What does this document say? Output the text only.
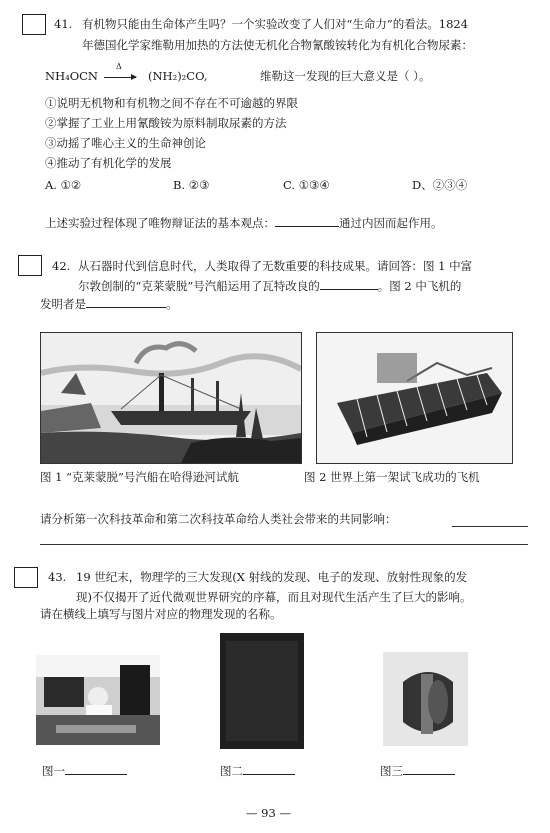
41. 有机物只能由生命体产生吗？一个实验改变了人们对“生命力”的看法。1824
年德国化学家维勒用加热的方法使无机化合物氰酸铵转化为有机化合物尿素：
NH₄OCN
Δ
→ (NH₂)₂CO,	维勒这一发现的巨大意义是（ ）。
①说明无机物和有机物之间不存在不可逾越的界限
②掌握了工业上用氰酸铵为原料制取尿素的方法
③动摇了唯心主义的生命神创论
④推动了有机化学的发展
A. ①②	B. ②③	C. ①③④	D、②③④
上述实验过程体现了唯物辩证法的基本观点：	通过内因而起作用。
42. 从石器时代到信息时代，人类取得了无数重要的科技成果。请回答：图 1 中富
尔敦创制的“克莱蒙脱”号汽船运用了瓦特改良的	。图 2 中飞机的
发明者是	。
图 1 “克莱蒙脱”号汽船在哈得逊河试航	图 2 世界上第一架试飞成功的飞机
请分析第一次科技革命和第二次科技革命给人类社会带来的共同影响：
43. 19 世纪末，物理学的三大发现(X 射线的发现、电子的发现、放射性现象的发
现)不仅揭开了近代微观世界研究的序幕，而且对现代生活产生了巨大的影响。
请在横线上填写与图片对应的物理发现的名称。
图一	图二	图三
— 93 —
